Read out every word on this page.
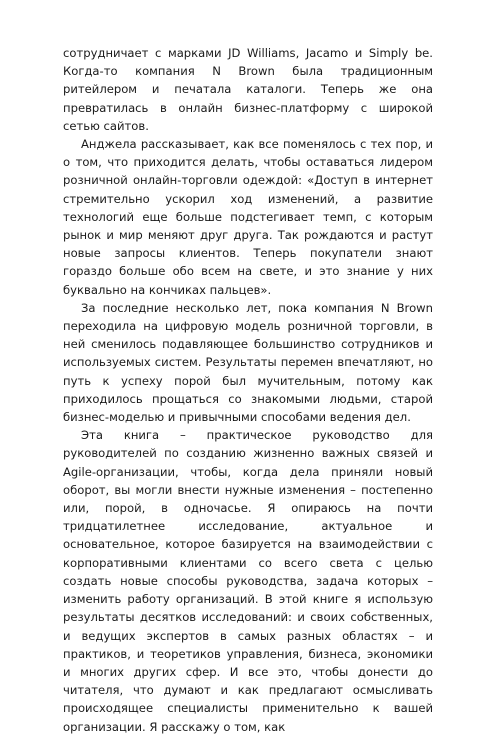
сотрудничает с марками JD Williams, Jacamo и Simply be. Когда-то компания N Brown была традиционным ритейлером и печатала каталоги. Теперь же она превратилась в онлайн бизнес-платформу с широкой сетью сайтов.

Анджела рассказывает, как все поменялось с тех пор, и о том, что приходится делать, чтобы оставаться лидером розничной онлайн-торговли одеждой: «Доступ в интернет стремительно ускорил ход изменений, а развитие технологий еще больше подстегивает темп, с которым рынок и мир меняют друг друга. Так рождаются и растут новые запросы клиентов. Теперь покупатели знают гораздо больше обо всем на свете, и это знание у них буквально на кончиках пальцев».

За последние несколько лет, пока компания N Brown переходила на цифровую модель розничной торговли, в ней сменилось подавляющее большинство сотрудников и используемых систем. Результаты перемен впечатляют, но путь к успеху порой был мучительным, потому как приходилось прощаться со знакомыми людьми, старой бизнес-моделью и привычными способами ведения дел.

Эта книга – практическое руководство для руководителей по созданию жизненно важных связей и Agile-организации, чтобы, когда дела приняли новый оборот, вы могли внести нужные изменения – постепенно или, порой, в одночасье. Я опираюсь на почти тридцатилетнее исследование, актуальное и основательное, которое базируется на взаимодействии с корпоративными клиентами со всего света с целью создать новые способы руководства, задача которых – изменить работу организаций. В этой книге я использую результаты десятков исследований: и своих собственных, и ведущих экспертов в самых разных областях – и практиков, и теоретиков управления, бизнеса, экономики и многих других сфер. И все это, чтобы донести до читателя, что думают и как предлагают осмысливать происходящее специалисты применительно к вашей организации. Я расскажу о том, как
